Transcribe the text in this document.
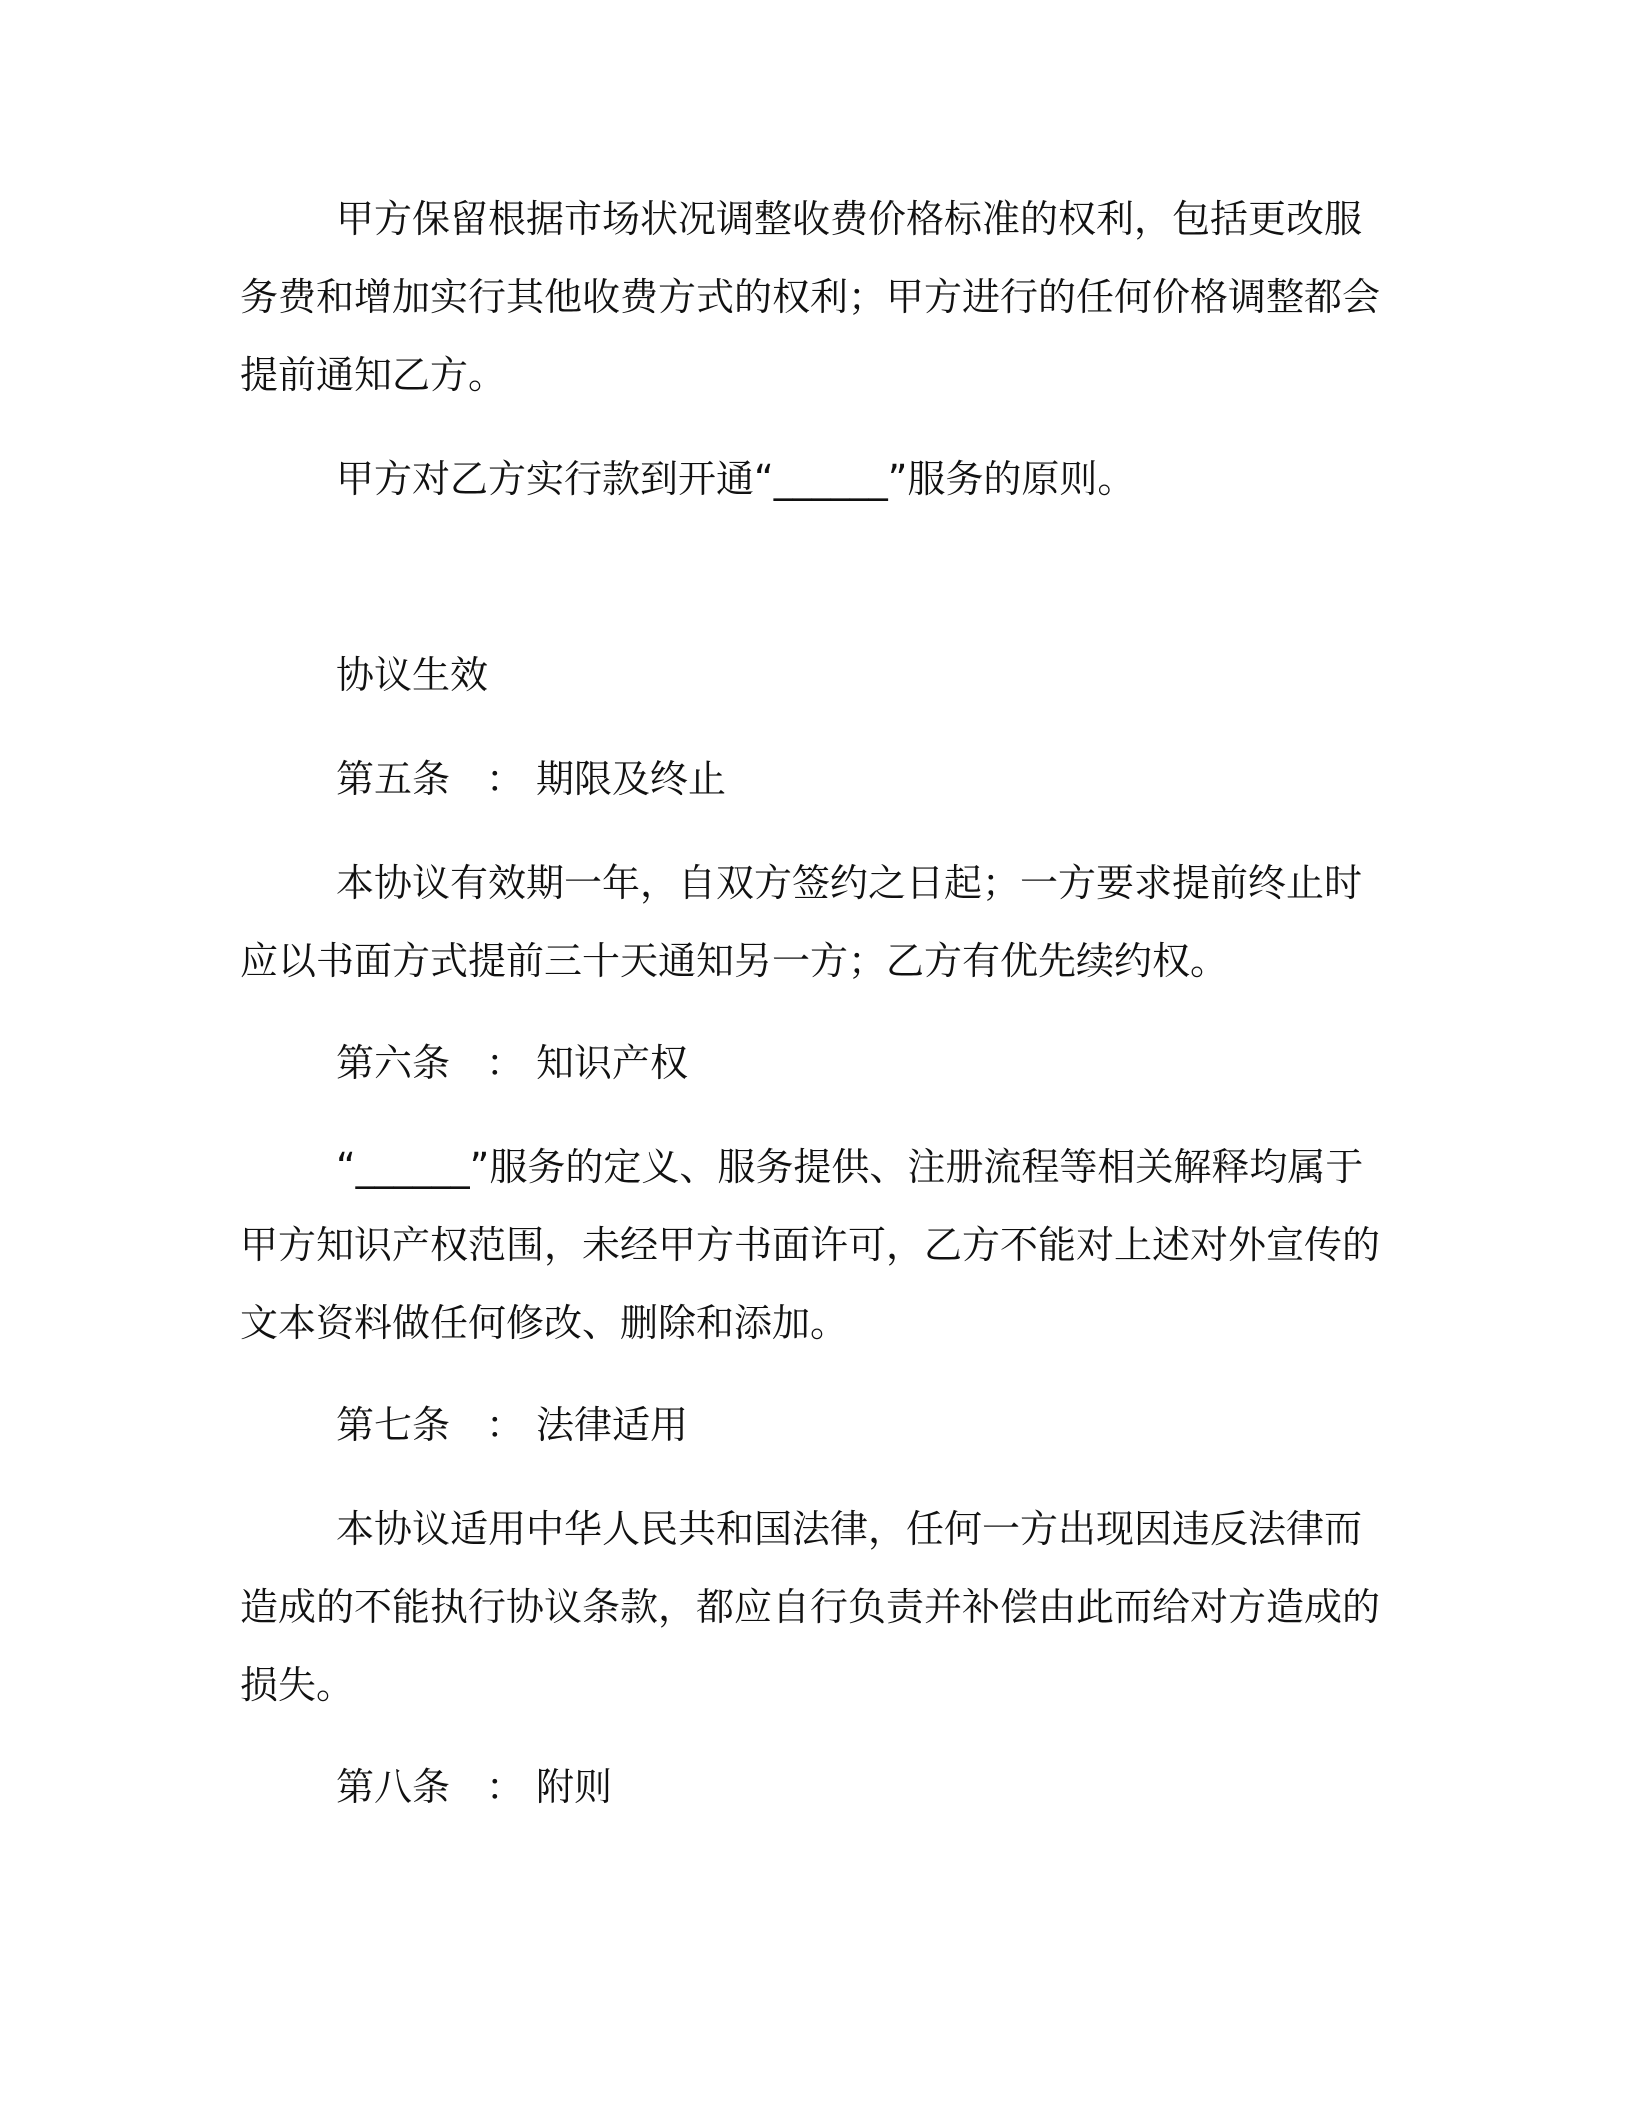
甲方保留根据市场状况调整收费价格标准的权利，包括更改服务费和增加实行其他收费方式的权利；甲方进行的任何价格调整都会提前通知乙方。

甲方对乙方实行款到开通“______”服务的原则。

协议生效

第五条 ： 期限及终止

本协议有效期一年，自双方签约之日起；一方要求提前终止时应以书面方式提前三十天通知另一方；乙方有优先续约权。

第六条 ： 知识产权

“______”服务的定义、服务提供、注册流程等相关解释均属于甲方知识产权范围，未经甲方书面许可，乙方不能对上述对外宣传的文本资料做任何修改、删除和添加。

第七条 ： 法律适用

本协议适用中华人民共和国法律，任何一方出现因违反法律而造成的不能执行协议条款，都应自行负责并补偿由此而给对方造成的损失。

第八条 ： 附则
